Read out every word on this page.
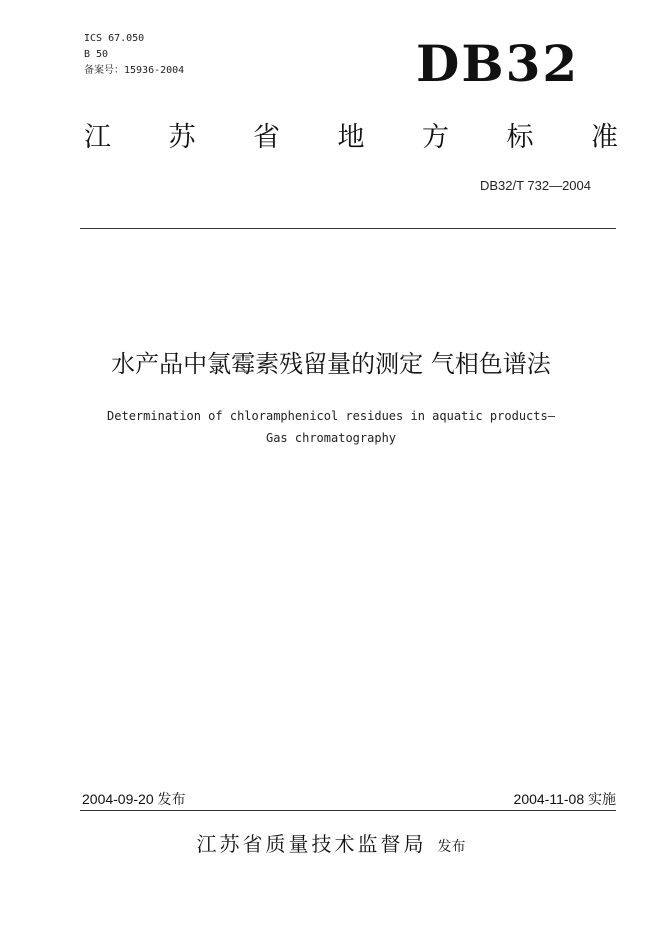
ICS 67.050
B 50
备案号：15936-2004	DB32
江 苏 省 地 方 标 准
DB32/T 732—2004
水产品中氯霉素残留量的测定 气相色谱法
Determination of chloramphenicol residues in aquatic products—
Gas chromatography
2004-09-20 发布	2004-11-08 实施
江苏省质量技术监督局 发布
